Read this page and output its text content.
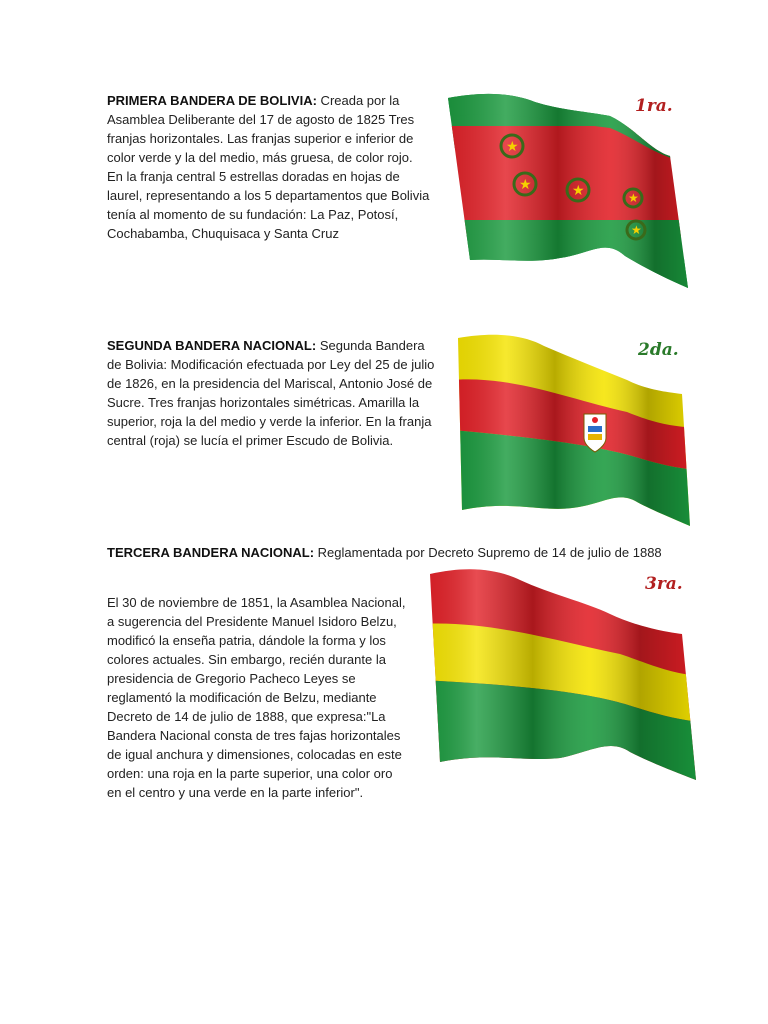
PRIMERA BANDERA DE BOLIVIA: Creada por la Asamblea Deliberante del 17 de agosto de 1825 Tres franjas horizontales. Las franjas superior e inferior de color verde y la del medio, más gruesa, de color rojo. En la franja central 5 estrellas doradas en hojas de laurel, representando a los 5 departamentos que Bolivia tenía al momento de su fundación: La Paz, Potosí, Cochabamba, Chuquisaca y Santa Cruz

★
★	★	★
★
1ra.

SEGUNDA BANDERA NACIONAL: Segunda Bandera de Bolivia: Modificación efectuada por Ley del 25 de julio de 1826, en la presidencia del Mariscal, Antonio José de Sucre. Tres franjas horizontales simétricas. Amarilla la superior, roja la del medio y verde la inferior. En la franja central (roja) se lucía el primer Escudo de Bolivia.

2da.

TERCERA BANDERA NACIONAL: Reglamentada por Decreto Supremo de 14 de julio de 1888

El 30 de noviembre de 1851, la Asamblea Nacional, a sugerencia del Presidente Manuel Isidoro Belzu, modificó la enseña patria, dándole la forma y los colores actuales. Sin embargo, recién durante la presidencia de Gregorio Pacheco Leyes se reglamentó la modificación de Belzu, mediante Decreto de 14 de julio de 1888, que expresa:"La Bandera Nacional consta de tres fajas horizontales de igual anchura y dimensiones, colocadas en este orden: una roja en la parte superior, una color oro en el centro y una verde en la parte inferior".

3ra.
